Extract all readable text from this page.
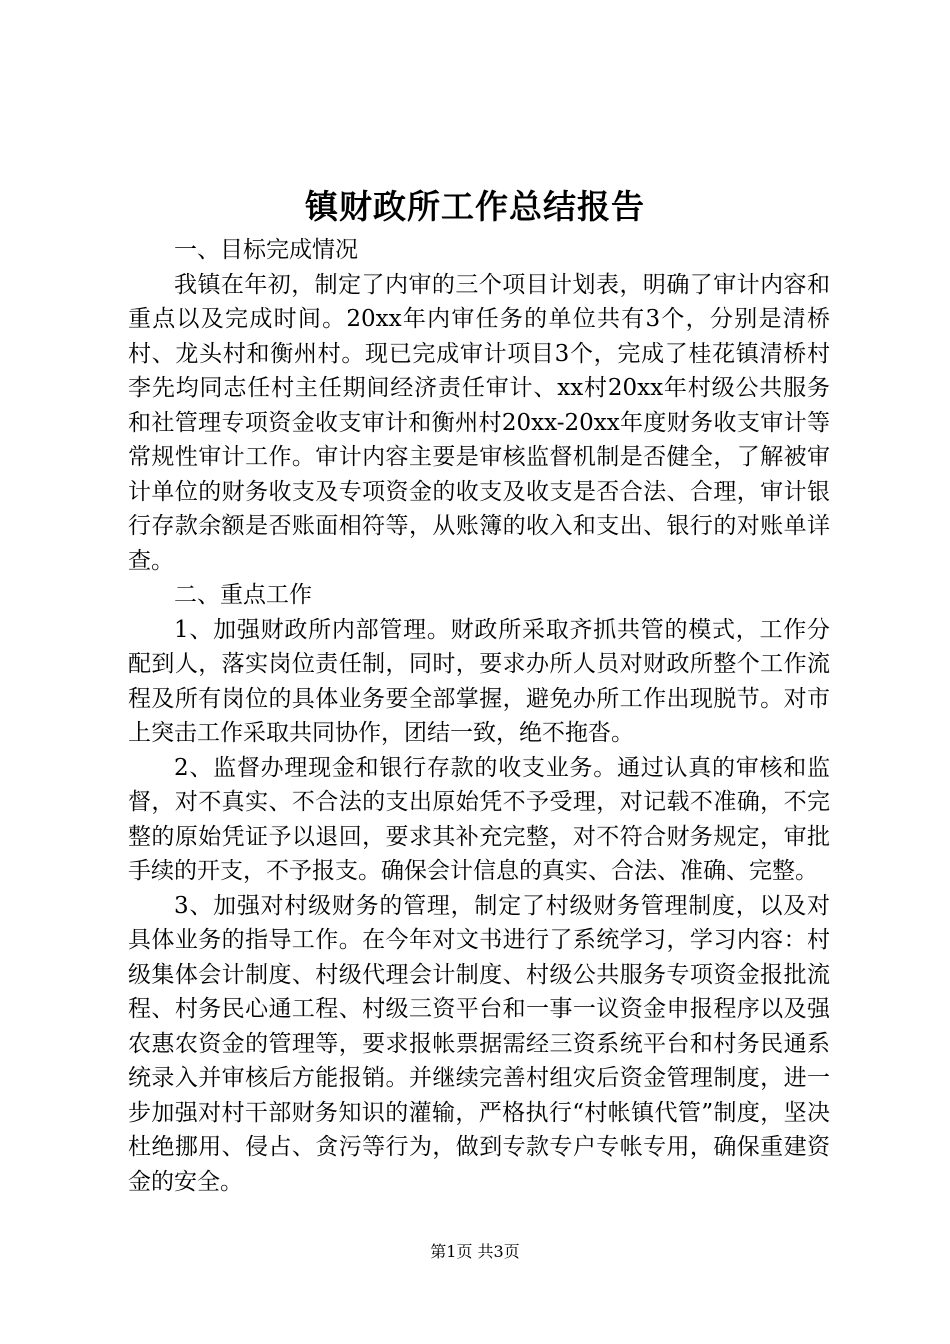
镇财政所工作总结报告

一、目标完成情况

我镇在年初，制定了内审的三个项目计划表，明确了审计内容和重点以及完成时间。20xx年内审任务的单位共有3个，分别是清桥村、龙头村和衡州村。现已完成审计项目3个，完成了桂花镇清桥村李先均同志任村主任期间经济责任审计、xx村20xx年村级公共服务和社管理专项资金收支审计和衡州村20xx-20xx年度财务收支审计等常规性审计工作。审计内容主要是审核监督机制是否健全，了解被审计单位的财务收支及专项资金的收支及收支是否合法、合理，审计银行存款余额是否账面相符等，从账簿的收入和支出、银行的对账单详查。

二、重点工作

1、加强财政所内部管理。财政所采取齐抓共管的模式，工作分配到人，落实岗位责任制，同时，要求办所人员对财政所整个工作流程及所有岗位的具体业务要全部掌握，避免办所工作出现脱节。对市上突击工作采取共同协作，团结一致，绝不拖沓。

2、监督办理现金和银行存款的收支业务。通过认真的审核和监督，对不真实、不合法的支出原始凭不予受理，对记载不准确，不完整的原始凭证予以退回，要求其补充完整，对不符合财务规定，审批手续的开支，不予报支。确保会计信息的真实、合法、准确、完整。

3、加强对村级财务的管理，制定了村级财务管理制度，以及对具体业务的指导工作。在今年对文书进行了系统学习，学习内容：村级集体会计制度、村级代理会计制度、村级公共服务专项资金报批流程、村务民心通工程、村级三资平台和一事一议资金申报程序以及强农惠农资金的管理等，要求报帐票据需经三资系统平台和村务民通系统录入并审核后方能报销。并继续完善村组灾后资金管理制度，进一步加强对村干部财务知识的灌输，严格执行“村帐镇代管”制度，坚决杜绝挪用、侵占、贪污等行为，做到专款专户专帐专用，确保重建资金的安全。

第1页 共3页
